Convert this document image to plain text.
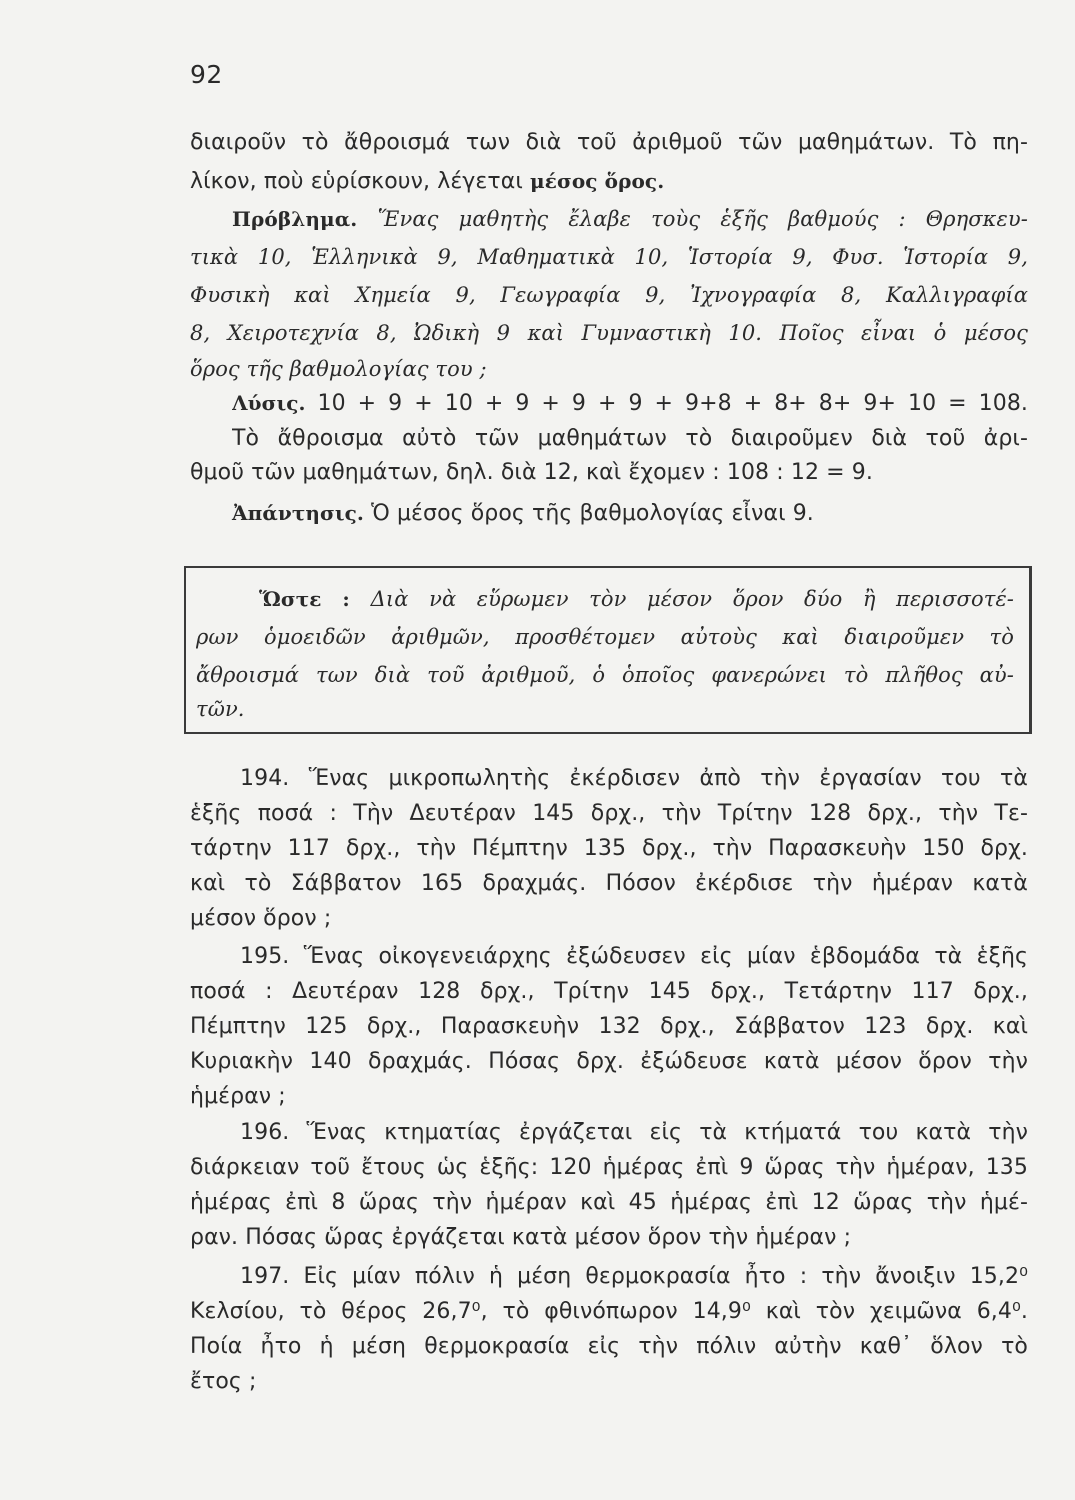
92
διαιροῦν τὸ ἄθροισμά των διὰ τοῦ ἀριθμοῦ τῶν μαθημάτων. Τὸ πη-
λίκον, ποὺ εὑρίσκουν, λέγεται μέσος ὅρος.
Πρόβλημα. Ἕνας μαθητὴς ἔλαβε τοὺς ἑξῆς βαθμούς : Θρησκευ-
τικὰ 10, Ἑλληνικὰ 9, Μαθηματικὰ 10, Ἱστορία 9, Φυσ. Ἱστορία 9,
Φυσικὴ καὶ Χημεία 9, Γεωγραφία 9, Ἰχνογραφία 8, Καλλιγραφία
8, Χειροτεχνία 8, Ὠδικὴ 9 καὶ Γυμναστικὴ 10. Ποῖος εἶναι ὁ μέσος
ὅρος τῆς βαθμολογίας του ;
Λύσις. 10 + 9 + 10 + 9 + 9 + 9 + 9+8 + 8+ 8+ 9+ 10 = 108.
Τὸ ἄθροισμα αὐτὸ τῶν μαθημάτων τὸ διαιροῦμεν διὰ τοῦ ἀρι-
θμοῦ τῶν μαθημάτων, δηλ. διὰ 12, καὶ ἔχομεν : 108 : 12 = 9.
Ἀπάντησις. Ὁ μέσος ὅρος τῆς βαθμολογίας εἶναι 9.
Ὥστε : Διὰ νὰ εὕρωμεν τὸν μέσον ὅρον δύο ἢ περισσοτέ-
ρων ὁμοειδῶν ἀριθμῶν, προσθέτομεν αὐτοὺς καὶ διαιροῦμεν τὸ
ἄθροισμά των διὰ τοῦ ἀριθμοῦ, ὁ ὁποῖος φανερώνει τὸ πλῆθος αὐ-
τῶν.
194. Ἕνας μικροπωλητὴς ἐκέρδισεν ἀπὸ τὴν ἐργασίαν του τὰ
ἑξῆς ποσά : Τὴν Δευτέραν 145 δρχ., τὴν Τρίτην 128 δρχ., τὴν Τε-
τάρτην 117 δρχ., τὴν Πέμπτην 135 δρχ., τὴν Παρασκευὴν 150 δρχ.
καὶ τὸ Σάββατον 165 δραχμάς. Πόσον ἐκέρδισε τὴν ἡμέραν κατὰ
μέσον ὅρον ;
195. Ἕνας οἰκογενειάρχης ἐξώδευσεν εἰς μίαν ἑβδομάδα τὰ ἑξῆς
ποσά : Δευτέραν 128 δρχ., Τρίτην 145 δρχ., Τετάρτην 117 δρχ.,
Πέμπτην 125 δρχ., Παρασκευὴν 132 δρχ., Σάββατον 123 δρχ. καὶ
Κυριακὴν 140 δραχμάς. Πόσας δρχ. ἐξώδευσε κατὰ μέσον ὅρον τὴν
ἡμέραν ;
196. Ἕνας κτηματίας ἐργάζεται εἰς τὰ κτήματά του κατὰ τὴν
διάρκειαν τοῦ ἔτους ὡς ἑξῆς: 120 ἡμέρας ἐπὶ 9 ὥρας τὴν ἡμέραν, 135
ἡμέρας ἐπὶ 8 ὥρας τὴν ἡμέραν καὶ 45 ἡμέρας ἐπὶ 12 ὥρας τὴν ἡμέ-
ραν. Πόσας ὥρας ἐργάζεται κατὰ μέσον ὅρον τὴν ἡμέραν ;
197. Εἰς μίαν πόλιν ἡ μέση θερμοκρασία ἦτο : τὴν ἄνοιξιν 15,2⁰
Κελσίου, τὸ θέρος 26,7⁰, τὸ φθινόπωρον 14,9⁰ καὶ τὸν χειμῶνα 6,4⁰.
Ποία ἦτο ἡ μέση θερμοκρασία εἰς τὴν πόλιν αὐτὴν καθ᾽ ὅλον τὸ
ἔτος ;
